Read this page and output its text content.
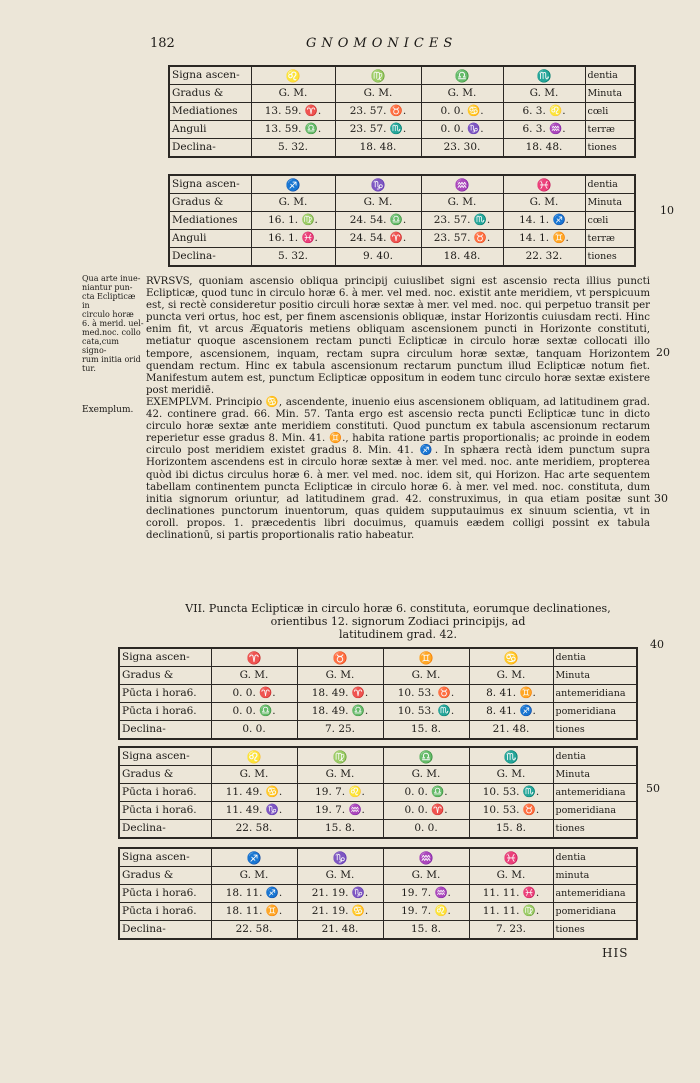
182	GNOMONICES
Signa ascen-	♌	♍	♎	♏	dentia
Gradus &	G. M.	G. M.	G. M.	G. M.	Minuta
Mediationes	13. 59. ♈.	23. 57. ♉.	0. 0. ♋.	6. 3. ♌.	cœli
Anguli	13. 59. ♎.	23. 57. ♏.	0. 0. ♑.	6. 3. ♒.	terræ
Declina-	5. 32.	18. 48.	23. 30.	18. 48.	tiones
Signa ascen-	♐	♑	♒	♓	dentia
Gradus &	G. M.	G. M.	G. M.	G. M.	Minuta
Mediationes	16. 1. ♍.	24. 54. ♎.	23. 57. ♏.	14. 1. ♐.	cœli
Anguli	16. 1. ♓.	24. 54. ♈.	23. 57. ♉.	14. 1. ♊.	terræ
Declina-	5. 32.	9. 40.	18. 48.	22. 32.	tiones
10
20
30
40
50
Qua arte inue-
niantur pun-
cta Eclipticæ in
circulo horæ
6. à merid. uel-
med.noc. collo
cata,cum signo-
rum initia orid
tur.
Exemplum.

RVRSVS, quoniam ascensio obliqua principij cuiuslibet signi est ascensio recta illius puncti Eclipticæ, quod tunc in circulo horæ 6. à mer. vel med. noc. existit ante meridiem, vt perspicuum est, si rectè consideretur positio circuli horæ sextæ à mer. vel med. noc. qui perpetuo transit per puncta veri ortus, hoc est, per finem ascensionis obliquæ, instar Horizontis cuiusdam recti. Hinc enim fit, vt arcus Æquatoris metiens obliquam ascensionem puncti in Horizonte constituti, metiatur quoque ascensionem rectam puncti Eclipticæ in circulo horæ sextæ collocati illo tempore, ascensionem, inquam, rectam supra circulum horæ sextæ, tanquam Horizontem quendam rectum. Hinc ex tabula ascensionum rectarum punctum illud Eclipticæ notum fiet. Manifestum autem est, punctum Eclipticæ oppositum in eodem tunc circulo horæ sextæ existere post meridiē.

EXEMPLVM. Principio ♋, ascendente, inuenio eius ascensionem obliquam, ad latitudinem grad. 42. continere grad. 66. Min. 57. Tanta ergo est ascensio recta puncti Eclipticæ tunc in dicto circulo horæ sextæ ante meridiem constituti. Quod punctum ex tabula ascensionum rectarum reperietur esse gradus 8. Min. 41. ♊., habita ratione partis proportionalis; ac proinde in eodem circulo post meridiem existet gradus 8. Min. 41. ♐. In sphæra rectà idem punctum supra Horizontem ascendens est in circulo horæ sextæ à mer. vel med. noc. ante meridiem, propterea quòd ibi dictus circulus horæ 6. à mer. vel med. noc. idem sit, qui Horizon. Hac arte sequentem tabellam continentem puncta Eclipticæ in circulo horæ 6. à mer. vel med. noc. constituta, dum initia signorum oriuntur, ad latitudinem grad. 42. construximus, in qua etiam positæ sunt declinationes punctorum inuentorum, quas quidem supputauimus ex sinuum scientia, vt in coroll. propos. 1. præcedentis libri docuimus, quamuis eædem colligi possint ex tabula declinationū, si partis proportionalis ratio habeatur.

VII. Puncta Eclipticæ in circulo horæ 6. constituta, eorumque declinationes,
orientibus 12. signorum Zodiaci principijs, ad
latitudinem grad. 42.
Signa ascen-	♈	♉	♊	♋	dentia
Gradus &	G. M.	G. M.	G. M.	G. M.	Minuta
Pūcta i hora6.	0. 0. ♈.	18. 49. ♈.	10. 53. ♉.	8. 41. ♊.	antemeridiana
Pūcta i hora6.	0. 0. ♎.	18. 49. ♎.	10. 53. ♏.	8. 41. ♐.	pomeridiana
Declina-	0. 0.	7. 25.	15. 8.	21. 48.	tiones
Signa ascen-	♌	♍	♎	♏	dentia
Gradus &	G. M.	G. M.	G. M.	G. M.	Minuta
Pūcta i hora6.	11. 49. ♋.	19. 7. ♌.	0. 0. ♎.	10. 53. ♏.	antemeridiana
Pūcta i hora6.	11. 49. ♑.	19. 7. ♒.	0. 0. ♈.	10. 53. ♉.	pomeridiana
Declina-	22. 58.	15. 8.	0. 0.	15. 8.	tiones
Signa ascen-	♐	♑	♒	♓	dentia
Gradus &	G. M.	G. M.	G. M.	G. M.	minuta
Pūcta i hora6.	18. 11. ♐.	21. 19. ♑.	19. 7. ♒.	11. 11. ♓.	antemeridiana
Pūcta i hora6.	18. 11. ♊.	21. 19. ♋.	19. 7. ♌.	11. 11. ♍.	pomeridiana
Declina-	22. 58.	21. 48.	15. 8.	7. 23.	tiones
HIS
